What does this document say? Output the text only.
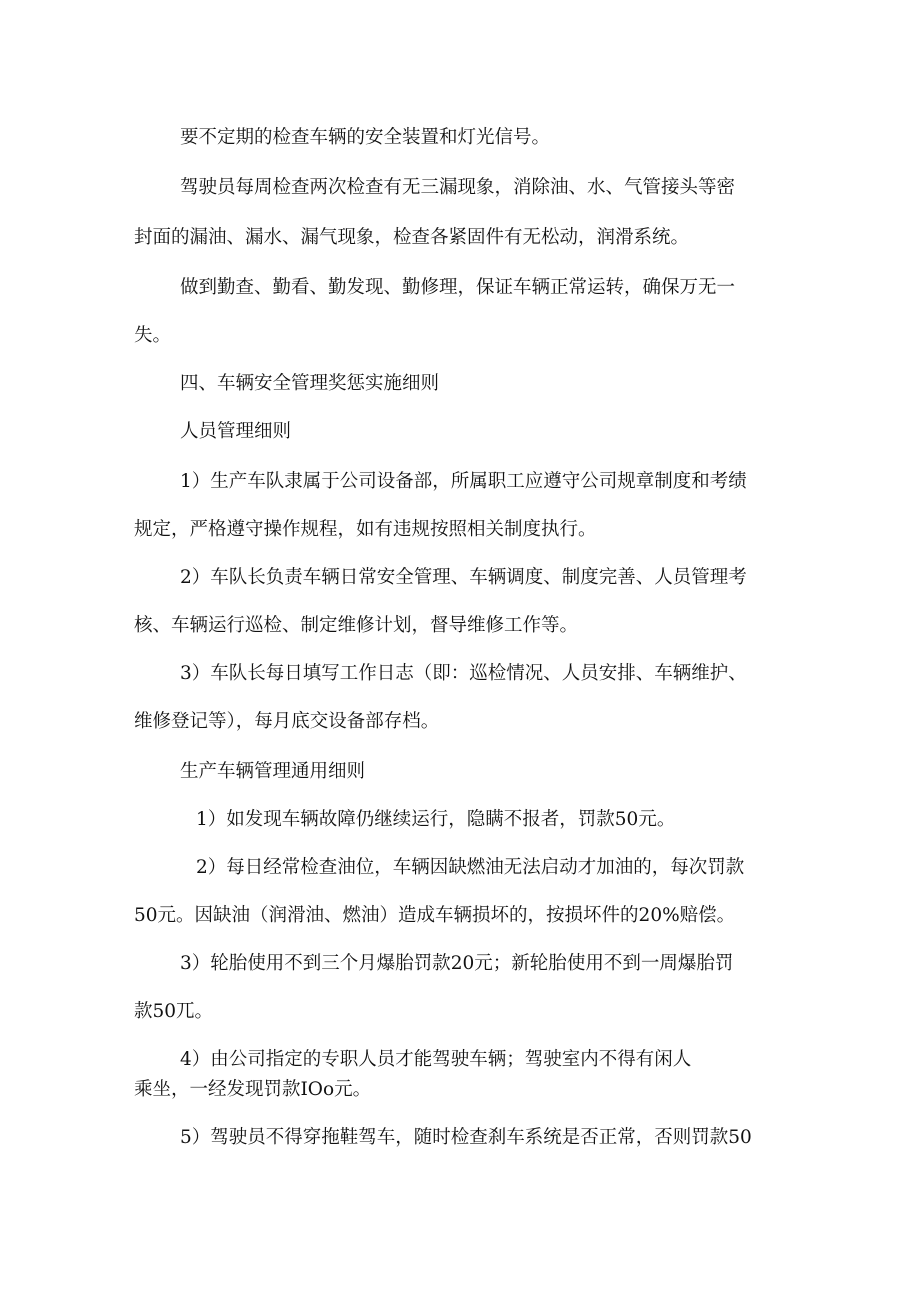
要不定期的检查车辆的安全装置和灯光信号。
驾驶员每周检查两次检查有无三漏现象，消除油、水、气管接头等密
封面的漏油、漏水、漏气现象，检查各紧固件有无松动，润滑系统。
做到勤查、勤看、勤发现、勤修理，保证车辆正常运转，确保万无一
失。
四、车辆安全管理奖惩实施细则
人员管理细则
1）生产车队隶属于公司设备部，所属职工应遵守公司规章制度和考绩
规定，严格遵守操作规程，如有违规按照相关制度执行。
2）车队长负责车辆日常安全管理、车辆调度、制度完善、人员管理考
核、车辆运行巡检、制定维修计划，督导维修工作等。
3）车队长每日填写工作日志（即：巡检情况、人员安排、车辆维护、
维修登记等），每月底交设备部存档。
生产车辆管理通用细则
1）如发现车辆故障仍继续运行，隐瞒不报者，罚款50元。
2）每日经常检查油位，车辆因缺燃油无法启动才加油的，每次罚款
50元。因缺油（润滑油、燃油）造成车辆损坏的，按损坏件的20%赔偿。
3）轮胎使用不到三个月爆胎罚款20元；新轮胎使用不到一周爆胎罚
款50兀。
4）由公司指定的专职人员才能驾驶车辆；驾驶室内不得有闲人
乘坐，一经发现罚款IOo元。
5）驾驶员不得穿拖鞋驾车，随时检查刹车系统是否正常，否则罚款50
